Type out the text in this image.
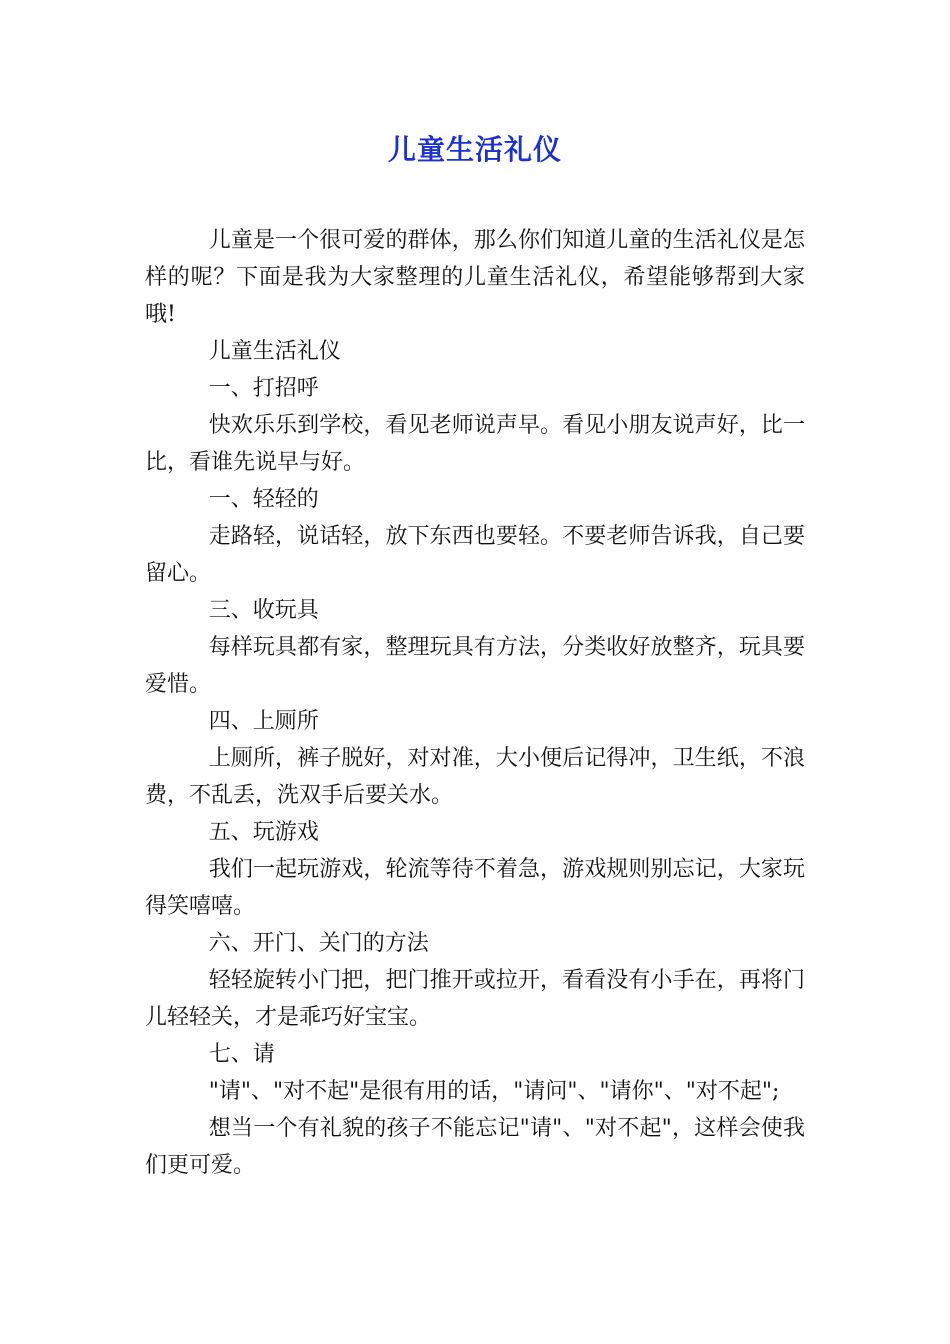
儿童生活礼仪

儿童是一个很可爱的群体，那么你们知道儿童的生活礼仪是怎样的呢？下面是我为大家整理的儿童生活礼仪，希望能够帮到大家哦!

儿童生活礼仪

一、打招呼

快欢乐乐到学校，看见老师说声早。看见小朋友说声好，比一比，看谁先说早与好。

一、轻轻的

走路轻，说话轻，放下东西也要轻。不要老师告诉我，自己要留心。

三、收玩具

每样玩具都有家，整理玩具有方法，分类收好放整齐，玩具要爱惜。

四、上厕所

上厕所，裤子脱好，对对准，大小便后记得冲，卫生纸，不浪费，不乱丢，洗双手后要关水。

五、玩游戏

我们一起玩游戏，轮流等待不着急，游戏规则别忘记，大家玩得笑嘻嘻。

六、开门、关门的方法

轻轻旋转小门把，把门推开或拉开，看看没有小手在，再将门儿轻轻关，才是乖巧好宝宝。

七、请

"请"、"对不起"是很有用的话，"请问"、"请你"、"对不起";

想当一个有礼貌的孩子不能忘记"请"、"对不起"，这样会使我们更可爱。
